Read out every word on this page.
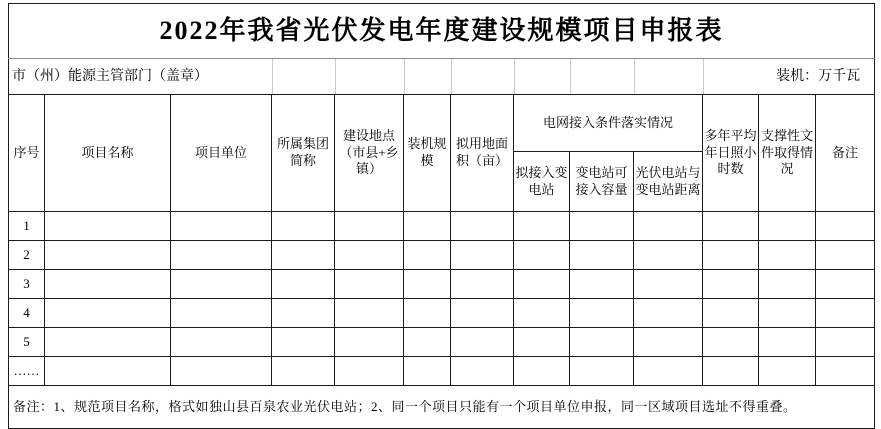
2022年我省光伏发电年度建设规模项目申报表												

市（州）能源主管部门（盖章） 装机：万千瓦												

序号	项目名称	项目单位	所属集团简称	建设地点（市县+乡镇）	装机规模	拟用地面积（亩）	电网接入条件落实情况			多年平均年日照小时数	支撑性文件取得情况	备注
							拟接入变电站	变电站可接入容量	光伏电站与变电站距离			
1												
2												
3												
4												
5												
……												
备注：1、规范项目名称，格式如独山县百泉农业光伏电站；2、同一个项目只能有一个项目单位申报，同一区域项目选址不得重叠。												
